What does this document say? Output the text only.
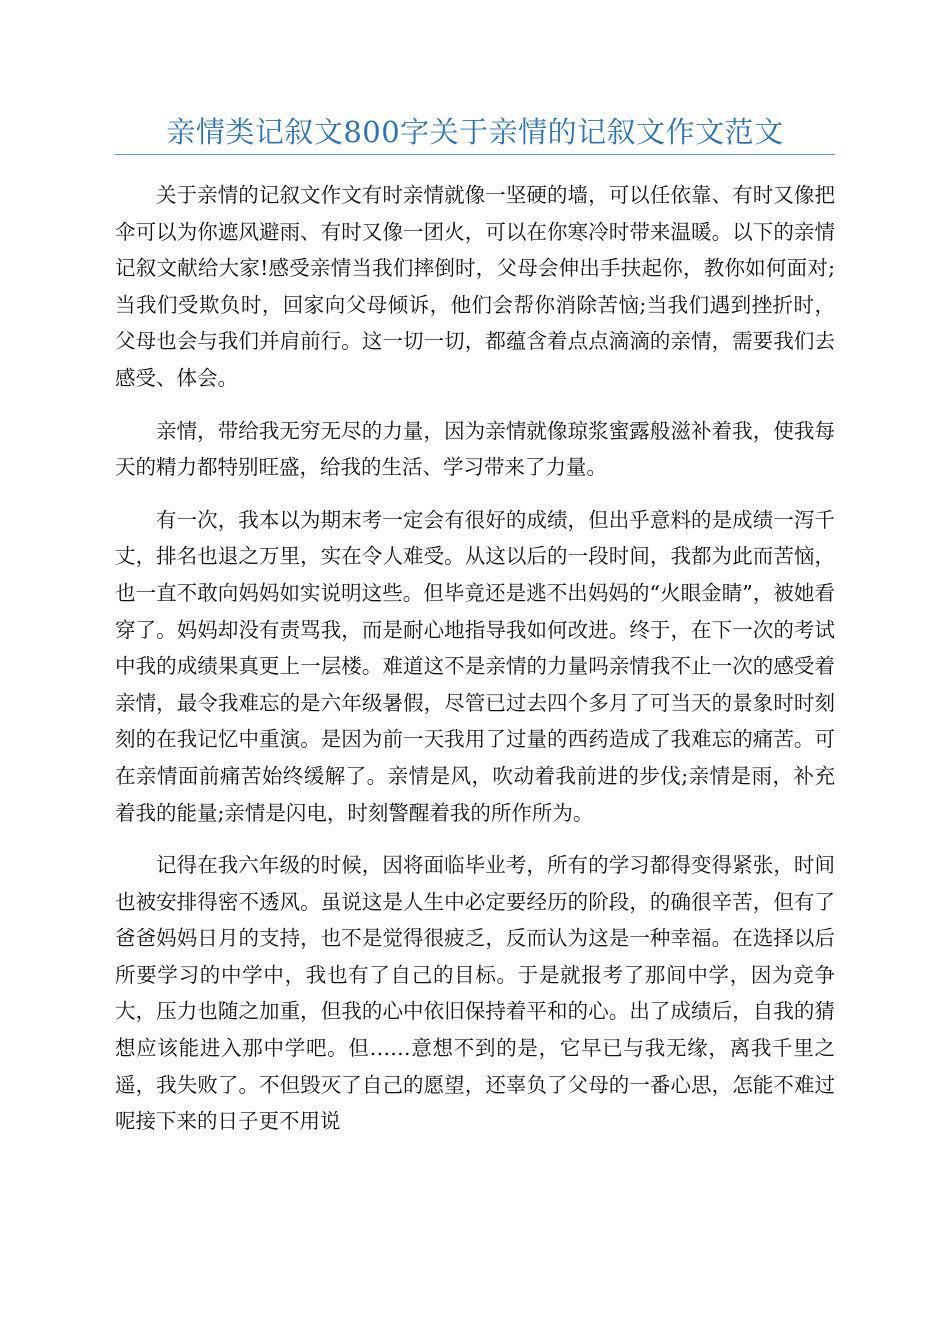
亲情类记叙文800字关于亲情的记叙文作文范文

关于亲情的记叙文作文有时亲情就像一坚硬的墙，可以任依靠、有时又像把伞可以为你遮风避雨、有时又像一团火，可以在你寒冷时带来温暖。以下的亲情记叙文献给大家!感受亲情当我们摔倒时，父母会伸出手扶起你，教你如何面对;当我们受欺负时，回家向父母倾诉，他们会帮你消除苦恼;当我们遇到挫折时，父母也会与我们并肩前行。这一切一切，都蕴含着点点滴滴的亲情，需要我们去感受、体会。

亲情，带给我无穷无尽的力量，因为亲情就像琼浆蜜露般滋补着我，使我每天的精力都特别旺盛，给我的生活、学习带来了力量。

有一次，我本以为期末考一定会有很好的成绩，但出乎意料的是成绩一泻千丈，排名也退之万里，实在令人难受。从这以后的一段时间，我都为此而苦恼，也一直不敢向妈妈如实说明这些。但毕竟还是逃不出妈妈的“火眼金睛”，被她看穿了。妈妈却没有责骂我，而是耐心地指导我如何改进。终于，在下一次的考试中我的成绩果真更上一层楼。难道这不是亲情的力量吗亲情我不止一次的感受着亲情，最令我难忘的是六年级暑假，尽管已过去四个多月了可当天的景象时时刻刻的在我记忆中重演。是因为前一天我用了过量的西药造成了我难忘的痛苦。可在亲情面前痛苦始终缓解了。亲情是风，吹动着我前进的步伐;亲情是雨，补充着我的能量;亲情是闪电，时刻警醒着我的所作所为。

记得在我六年级的时候，因将面临毕业考，所有的学习都得变得紧张，时间也被安排得密不透风。虽说这是人生中必定要经历的阶段，的确很辛苦，但有了爸爸妈妈日月的支持，也不是觉得很疲乏，反而认为这是一种幸福。在选择以后所要学习的中学中，我也有了自己的目标。于是就报考了那间中学，因为竞争大，压力也随之加重，但我的心中依旧保持着平和的心。出了成绩后，自我的猜想应该能进入那中学吧。但……意想不到的是，它早已与我无缘，离我千里之遥，我失败了。不但毁灭了自己的愿望，还辜负了父母的一番心思，怎能不难过呢接下来的日子更不用说
